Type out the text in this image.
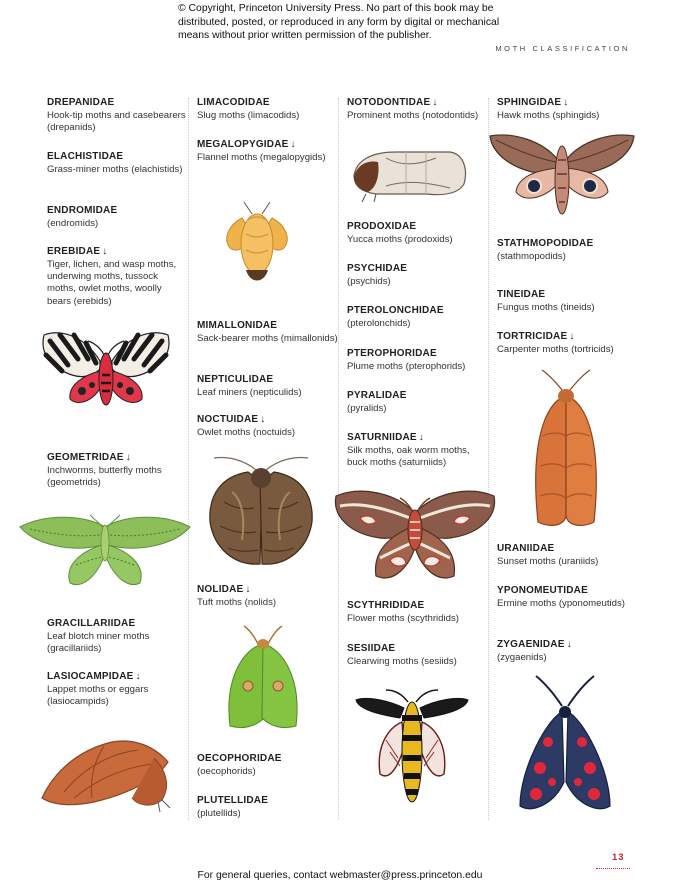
© Copyright, Princeton University Press. No part of this book may be distributed, posted, or reproduced in any form by digital or mechanical means without prior written permission of the publisher.
MOTH CLASSIFICATION
DREPANIDAE
Hook-tip moths and casebearers (drepanids)
ELACHISTIDAE
Grass-miner moths (elachistids)
ENDROMIDAE
(endromids)
EREBIDAE ↓
Tiger, lichen, and wasp moths, underwing moths, tussock moths, owlet moths, woolly bears (erebids)
GEOMETRIDAE ↓
Inchworms, butterfly moths (geometrids)
GRACILLARIIDAE
Leaf blotch miner moths (gracillariids)
LASIOCAMPIDAE ↓
Lappet moths or eggars (lasiocampids)
LIMACODIDAE
Slug moths (limacodids)
MEGALOPYGIDAE ↓
Flannel moths (megalopygids)
MIMALLONIDAE
Sack-bearer moths (mimallonids)
NEPTICULIDAE
Leaf miners (nepticulids)
NOCTUIDAE ↓
Owlet moths (noctuids)
NOLIDAE ↓
Tuft moths (nolids)
OECOPHORIDAE
(oecophorids)
PLUTELLIDAE
(plutellids)
NOTODONTIDAE ↓
Prominent moths (notodontids)
PRODOXIDAE
Yucca moths (prodoxids)
PSYCHIDAE
(psychids)
PTEROLONCHIDAE
(pterolonchids)
PTEROPHORIDAE
Plume moths (pterophorids)
PYRALIDAE
(pyralids)
SATURNIIDAE ↓
Silk moths, oak worm moths, buck moths (saturniids)
SCYTHRIDIDAE
Flower moths (scythridids)
SESIIDAE
Clearwing moths (sesiids)
SPHINGIDAE ↓
Hawk moths (sphingids)
STATHMOPODIDAE
(stathmopodids)
TINEIDAE
Fungus moths (tineids)
TORTRICIDAE ↓
Carpenter moths (tortricids)
URANIIDAE
Sunset moths (uraniids)
YPONOMEUTIDAE
Ermine moths (yponomeutids)
ZYGAENIDAE ↓
(zygaenids)
13
For general queries, contact webmaster@press.princeton.edu
